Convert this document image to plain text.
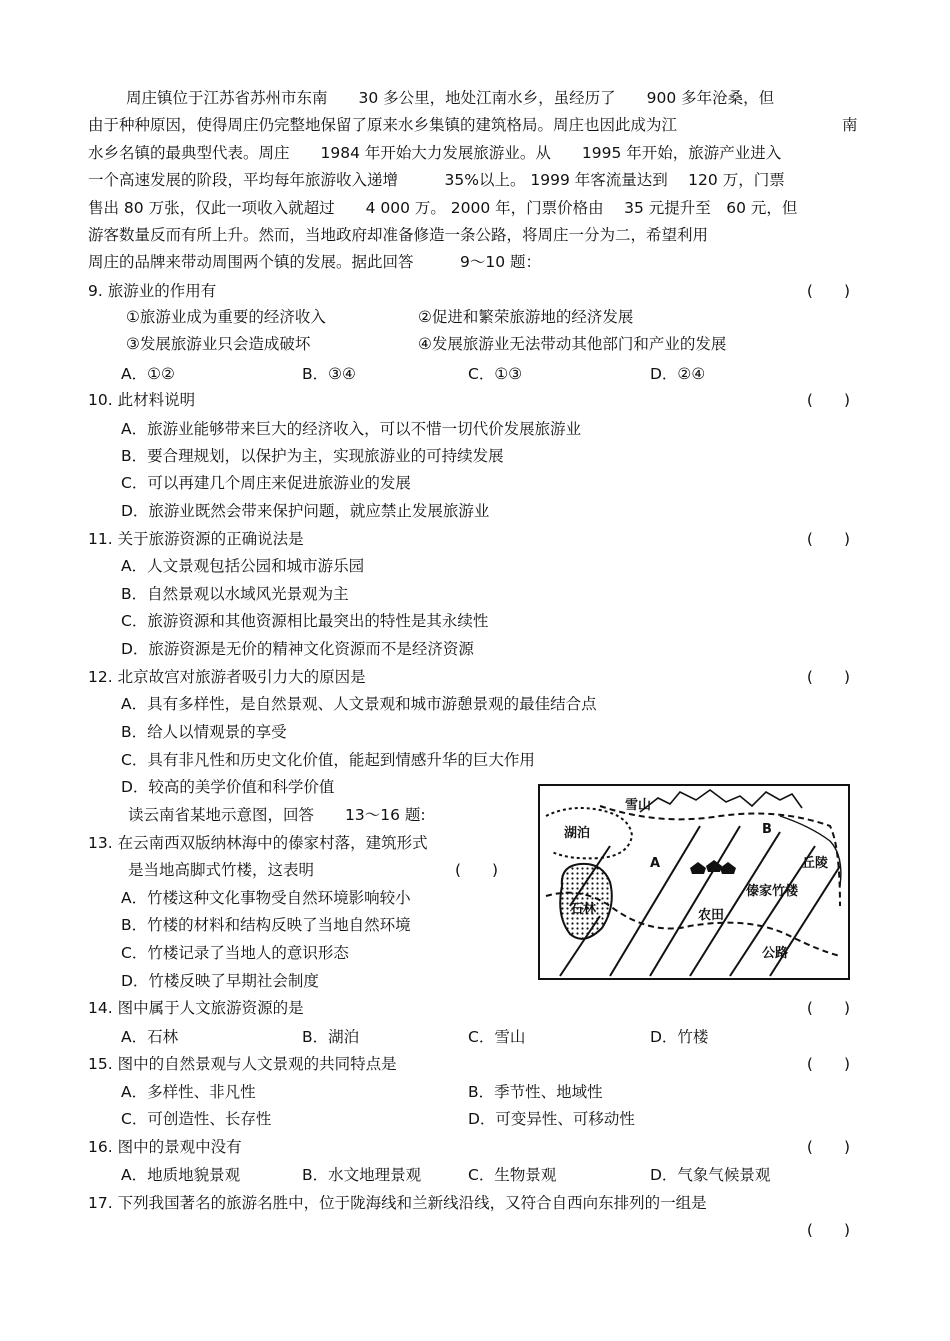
周庄镇位于江苏省苏州市东南　　30 多公里，地处江南水乡，虽经历了　　900 多年沧桑，但
由于种种原因，使得周庄仍完整地保留了原来水乡集镇的建筑格局。周庄也因此成为江	南
水乡名镇的最典型代表。周庄　　1984 年开始大力发展旅游业。从　　1995 年开始，旅游产业进入
一个高速发展的阶段，平均每年旅游收入递增　　　35%以上。 1999 年客流量达到　 120 万，门票
售出 80 万张，仅此一项收入就超过　　4 000 万。 2000 年，门票价格由　 35 元提升至　60 元，但
游客数量反而有所上升。然而，当地政府却准备修造一条公路，将周庄一分为二，希望利用
周庄的品牌来带动周围两个镇的发展。据此回答　　　9～10 题：
9. 旅游业的作用有	(　　)
①旅游业成为重要的经济收入	②促进和繁荣旅游地的经济发展
③发展旅游业只会造成破坏	④发展旅游业无法带动其他部门和产业的发展
A．①②	B．③④	C．①③	D．②④
10. 此材料说明	(　　)
A．旅游业能够带来巨大的经济收入，可以不惜一切代价发展旅游业
B．要合理规划，以保护为主，实现旅游业的可持续发展
C．可以再建几个周庄来促进旅游业的发展
D．旅游业既然会带来保护问题，就应禁止发展旅游业
11. 关于旅游资源的正确说法是	(　　)
A．人文景观包括公园和城市游乐园
B．自然景观以水域风光景观为主
C．旅游资源和其他资源相比最突出的特性是其永续性
D．旅游资源是无价的精神文化资源而不是经济资源
12. 北京故宫对旅游者吸引力大的原因是	(　　)
A．具有多样性，是自然景观、人文景观和城市游憩景观的最佳结合点
B．给人以情观景的享受
C．具有非凡性和历史文化价值，能起到情感升华的巨大作用
D．较高的美学价值和科学价值
读云南省某地示意图，回答　　13～16 题:
13. 在云南西双版纳林海中的傣家村落，建筑形式
是当地高脚式竹楼，这表明	(　　)
A．竹楼这种文化事物受自然环境影响较小
B．竹楼的材料和结构反映了当地自然环境
C．竹楼记录了当地人的意识形态
D．竹楼反映了早期社会制度
雪山
湖泊	B
丘陵
A
傣家竹楼
石林	农田
公路
14. 图中属于人文旅游资源的是	(　　)
A．石林	B．湖泊	C．雪山	D．竹楼
15. 图中的自然景观与人文景观的共同特点是	(　　)
A．多样性、非凡性	B．季节性、地域性
C．可创造性、长存性	D．可变异性、可移动性
16. 图中的景观中没有	(　　)
A．地质地貌景观	B．水文地理景观	C．生物景观	D．气象气候景观
17. 下列我国著名的旅游名胜中，位于陇海线和兰新线沿线，又符合自西向东排列的一组是
(　　)
